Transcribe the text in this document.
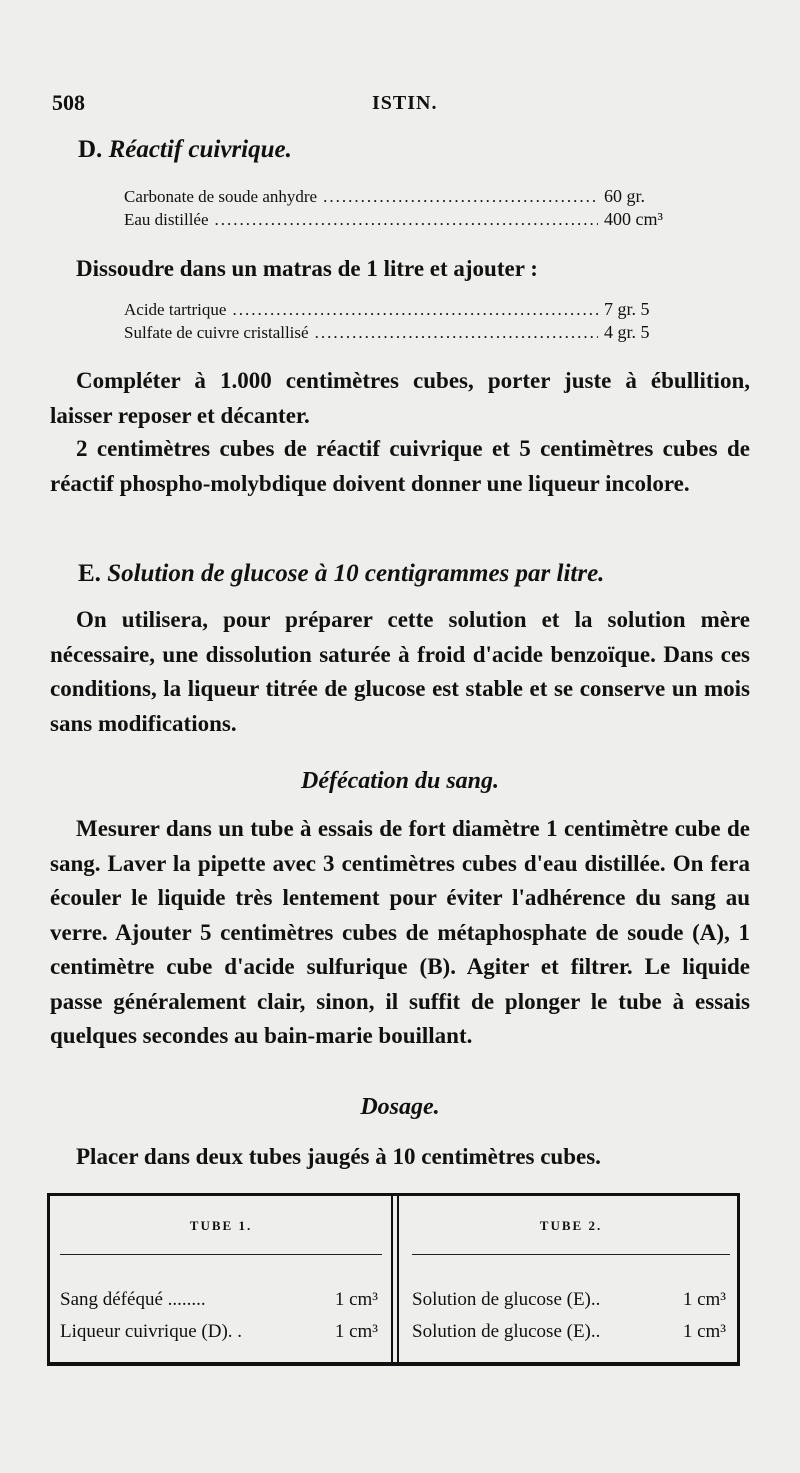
508	ISTIN.
D. Réactif cuivrique.
Carbonate de soude anhydre .....	60 gr.
Eau distillée .....	400 cm³

Dissoudre dans un matras de 1 litre et ajouter :

Acide tartrique .....	7 gr. 5
Sulfate de cuivre cristallisé .....	4 gr. 5

Compléter à 1.000 centimètres cubes, porter juste à ébullition, laisser reposer et décanter.

2 centimètres cubes de réactif cuivrique et 5 centimètres cubes de réactif phospho-molybdique doivent donner une liqueur incolore.

E. Solution de glucose à 10 centigrammes par litre.

On utilisera, pour préparer cette solution et la solution mère nécessaire, une dissolution saturée à froid d'acide benzoïque. Dans ces conditions, la liqueur titrée de glucose est stable et se conserve un mois sans modifications.

Défécation du sang.

Mesurer dans un tube à essais de fort diamètre 1 centimètre cube de sang. Laver la pipette avec 3 centimètres cubes d'eau distillée. On fera écouler le liquide très lentement pour éviter l'adhérence du sang au verre. Ajouter 5 centimètres cubes de métaphosphate de soude (A), 1 centimètre cube d'acide sulfurique (B). Agiter et filtrer. Le liquide passe généralement clair, sinon, il suffit de plonger le tube à essais quelques secondes au bain-marie bouillant.

Dosage.

Placer dans deux tubes jaugés à 10 centimètres cubes.

TUBE 1.
Sang déféqué ........	1 cm³
Liqueur cuivrique (D). .	1 cm³
TUBE 2.
Solution de glucose (E)..	1 cm³
Solution de glucose (E)..	1 cm³
